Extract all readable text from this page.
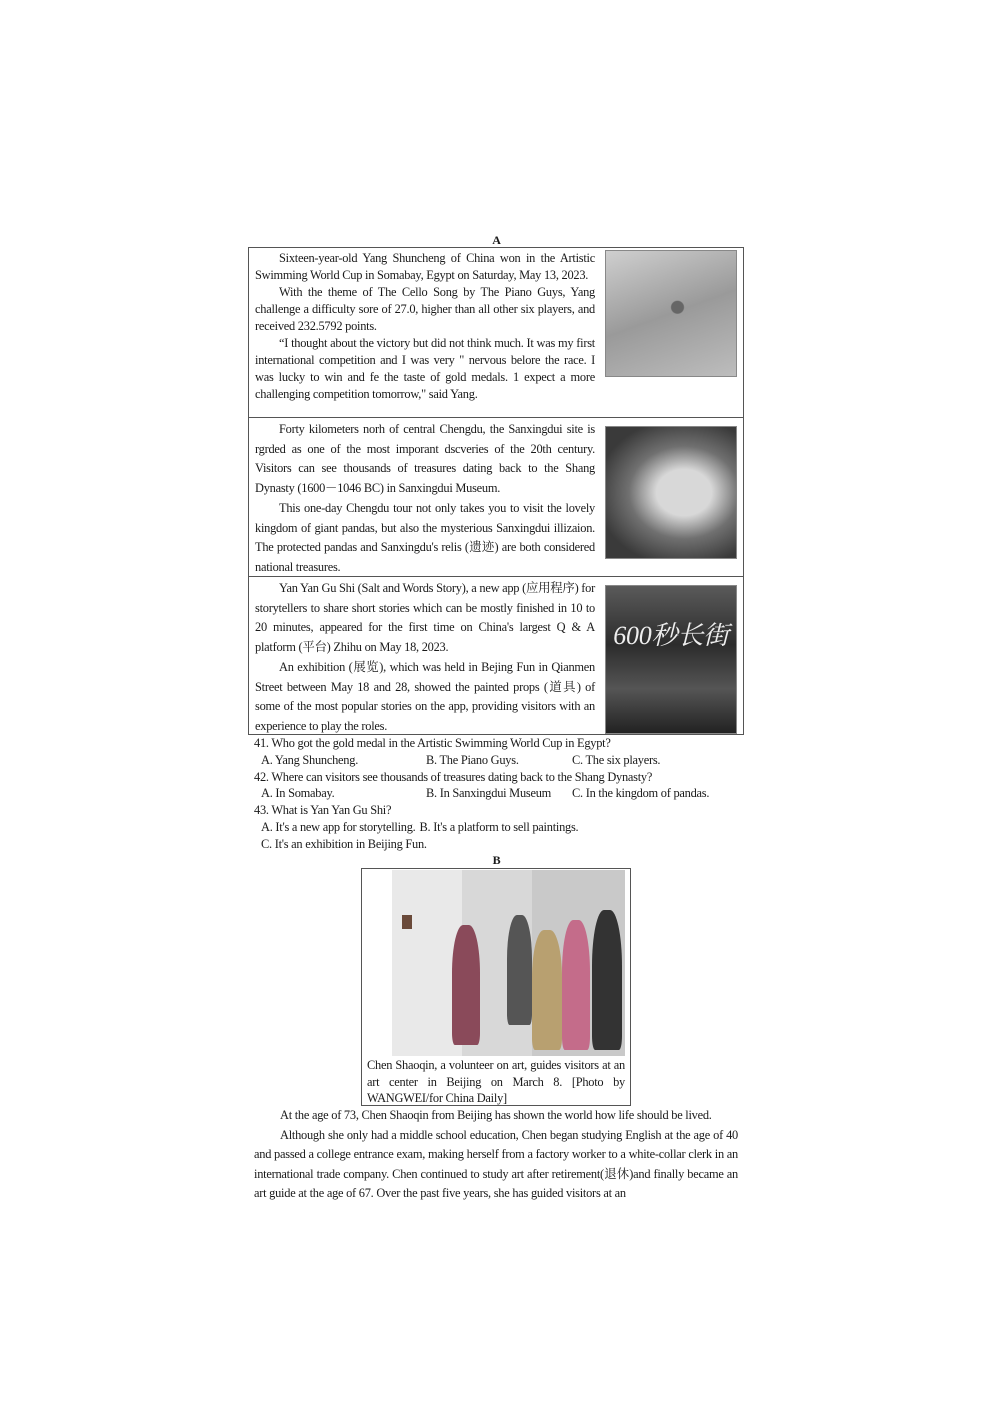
A

Sixteen-year-old Yang Shuncheng of China won in the Artistic Swimming World Cup in Somabay, Egypt on Saturday, May 13, 2023.

With the theme of The Cello Song by The Piano Guys, Yang challenge a difficulty sore of 27.0, higher than all other six players, and received 232.5792 points.

“I thought about the victory but did not think much. It was my first international competition and I was very " nervous belore the race. I was lucky to win and fe the taste of gold medals. 1 expect a more challenging competition tomorrow," said Yang.

Forty kilometers norh of central Chengdu, the Sanxingdui site is rgrded as one of the most imporant dscveries of the 20th century. Visitors can see thousands of treasures dating back to the Shang Dynasty (1600－1046 BC) in Sanxingdui Museum.

This one-day Chengdu tour not only takes you to visit the lovely kingdom of giant pandas, but also the mysterious Sanxingdui illizaion. The protected pandas and Sanxingdu's relis (遗迹) are both considered national treasures.

600秒长街

Yan Yan Gu Shi (Salt and Words Story), a new app (应用程序) for storytellers to share short stories which can be mostly finished in 10 to 20 minutes, appeared for the first time on China's largest Q & A platform (平台) Zhihu on May 18, 2023.

An exhibition (展览), which was held in Bejing Fun in Qianmen Street between May 18 and 28, showed the painted props (道具) of some of the most popular stories on the app, providing visitors with an experience to play the roles.

41. Who got the gold medal in the Artistic Swimming World Cup in Egypt?
A. Yang Shuncheng.	B. The Piano Guys.	C. The six players.
42. Where can visitors see thousands of treasures dating back to the Shang Dynasty?
A. In Somabay.	B. In Sanxingdui Museum	C. In the kingdom of pandas.
43. What is Yan Yan Gu Shi?
A. It's a new app for storytelling. B. It's a platform to sell paintings.
C. It's an exhibition in Beijing Fun.
B
Chen Shaoqin, a volunteer on art, guides visitors at an art center in Beijing on March 8. [Photo by WANGWEI/for China Daily]

At the age of 73, Chen Shaoqin from Beijing has shown the world how life should be lived.

Although she only had a middle school education, Chen began studying English at the age of 40 and passed a college entrance exam, making herself from a factory worker to a white-collar clerk in an international trade company. Chen continued to study art after retirement(退休)and finally became an art guide at the age of 67. Over the past five years, she has guided visitors at an
